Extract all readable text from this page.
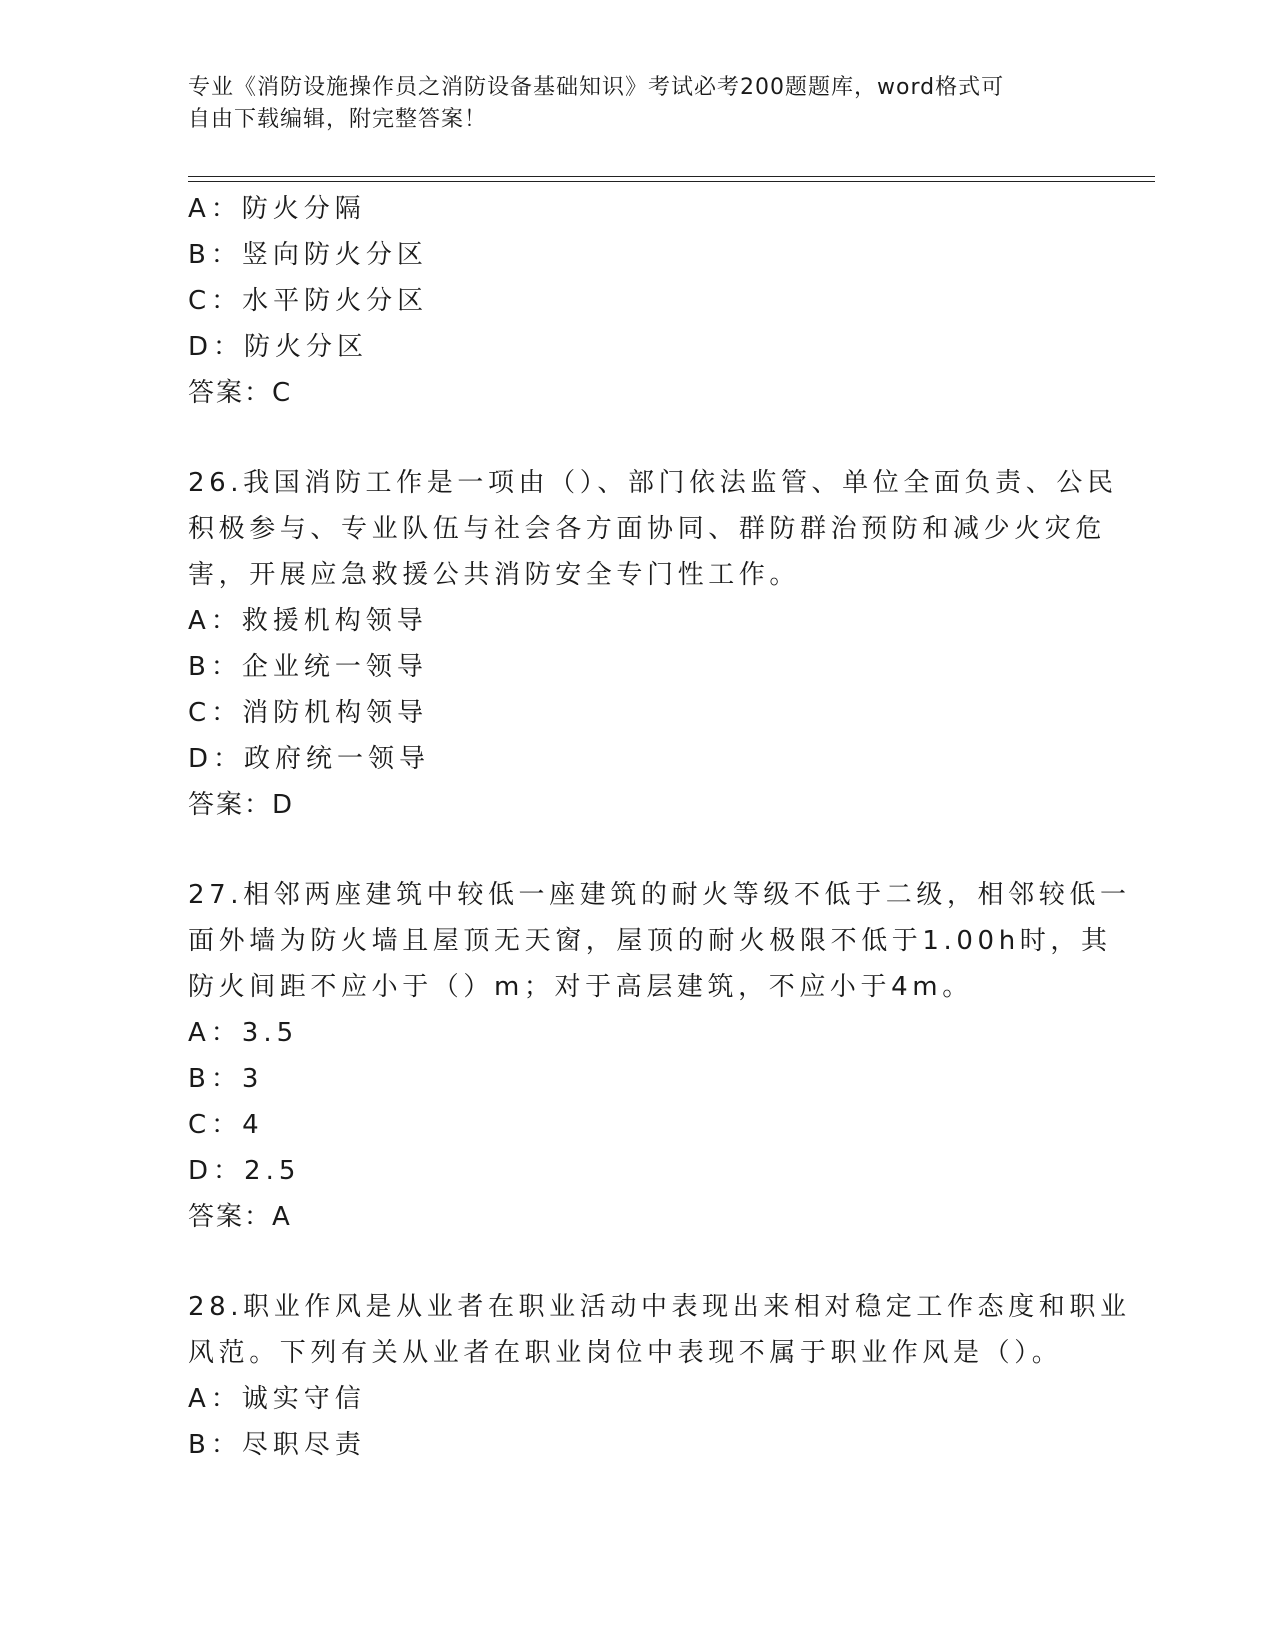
专业《消防设施操作员之消防设备基础知识》考试必考200题题库，word格式可
自由下载编辑，附完整答案！
A：防火分隔
B：竖向防火分区
C：水平防火分区
D：防火分区
答案：C
26.我国消防工作是一项由（）、部门依法监管、单位全面负责、公民
积极参与、专业队伍与社会各方面协同、群防群治预防和减少火灾危
害，开展应急救援公共消防安全专门性工作。
A：救援机构领导
B：企业统一领导
C：消防机构领导
D：政府统一领导
答案：D
27.相邻两座建筑中较低一座建筑的耐火等级不低于二级，相邻较低一
面外墙为防火墙且屋顶无天窗，屋顶的耐火极限不低于1.00h时，其
防火间距不应小于（）m；对于高层建筑，不应小于4m。
A：3.5
B：3
C：4
D：2.5
答案：A
28.职业作风是从业者在职业活动中表现出来相对稳定工作态度和职业
风范。下列有关从业者在职业岗位中表现不属于职业作风是（）。
A：诚实守信
B：尽职尽责
